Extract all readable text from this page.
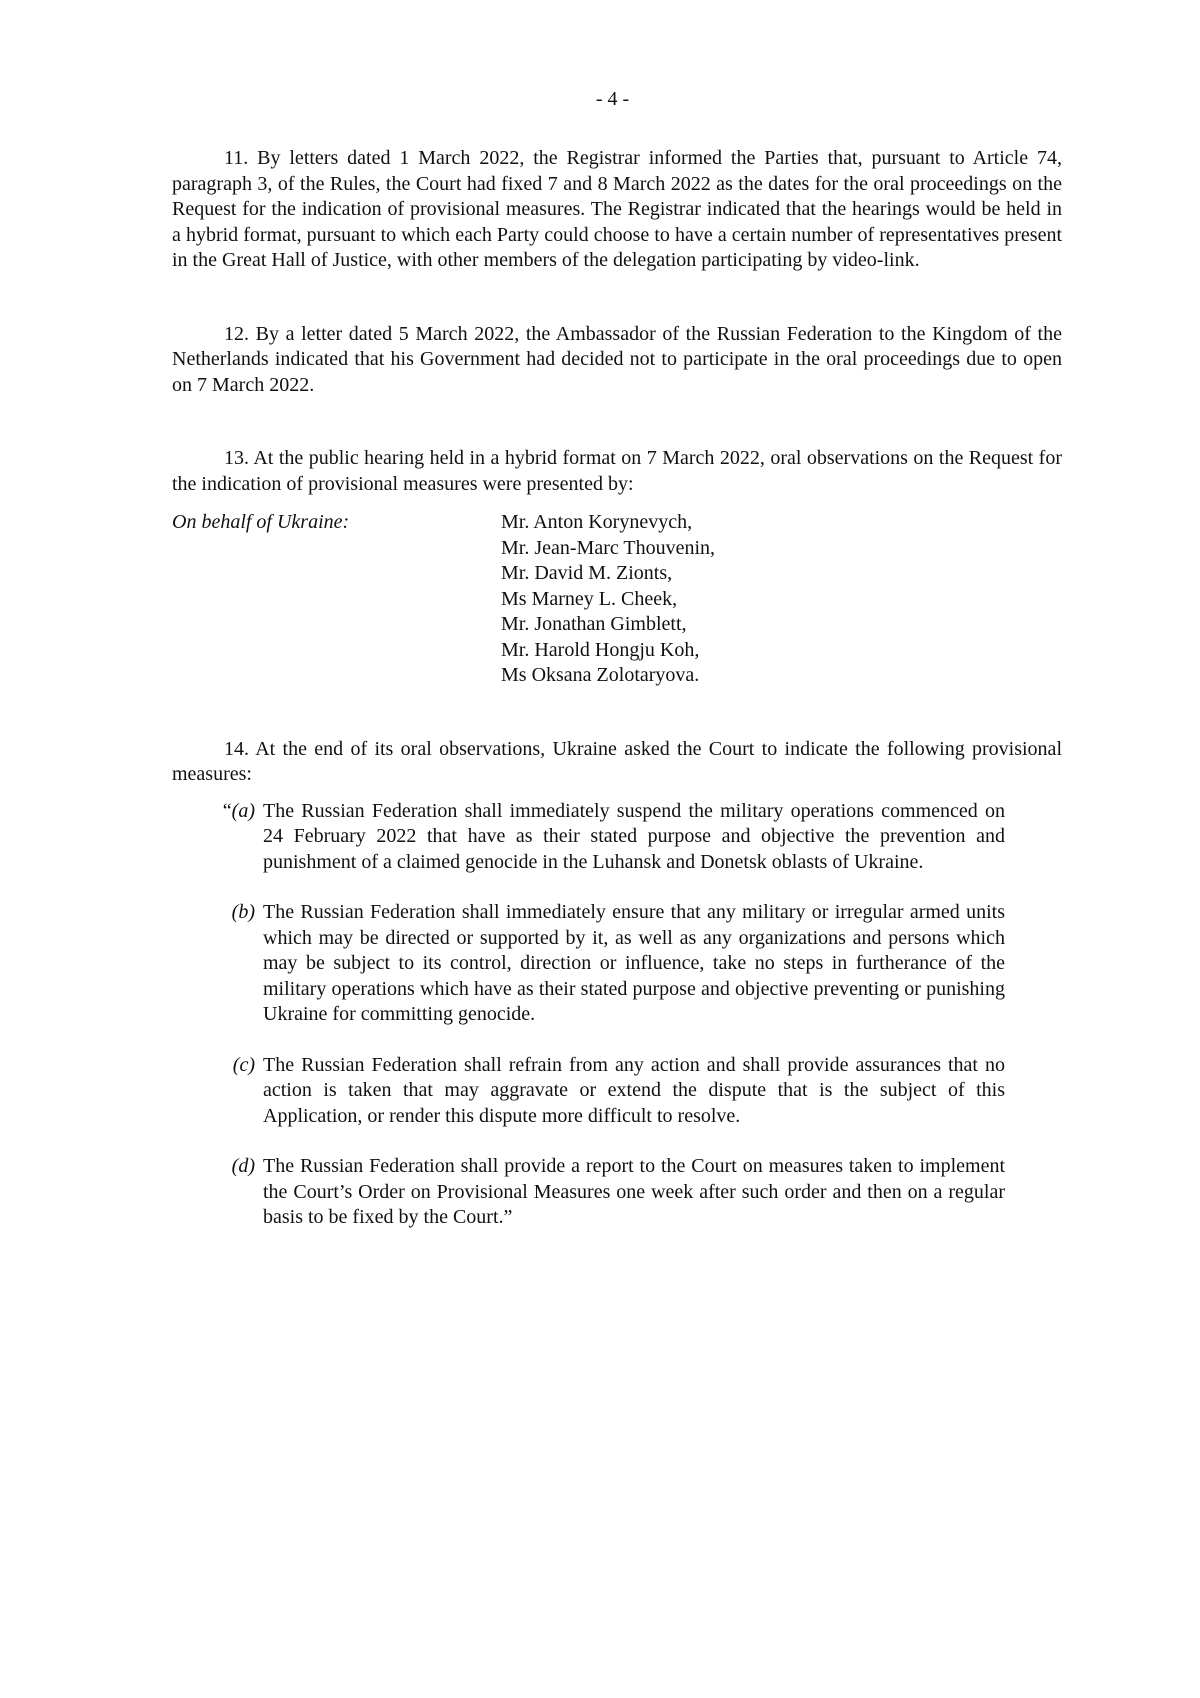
- 4 -

11. By letters dated 1 March 2022, the Registrar informed the Parties that, pursuant to Article 74, paragraph 3, of the Rules, the Court had fixed 7 and 8 March 2022 as the dates for the oral proceedings on the Request for the indication of provisional measures. The Registrar indicated that the hearings would be held in a hybrid format, pursuant to which each Party could choose to have a certain number of representatives present in the Great Hall of Justice, with other members of the delegation participating by video-link.

12. By a letter dated 5 March 2022, the Ambassador of the Russian Federation to the Kingdom of the Netherlands indicated that his Government had decided not to participate in the oral proceedings due to open on 7 March 2022.

13. At the public hearing held in a hybrid format on 7 March 2022, oral observations on the Request for the indication of provisional measures were presented by:

On behalf of Ukraine:	Mr. Anton Korynevych,
Mr. Jean-Marc Thouvenin,
Mr. David M. Zionts,
Ms Marney L. Cheek,
Mr. Jonathan Gimblett,
Mr. Harold Hongju Koh,
Ms Oksana Zolotaryova.

14. At the end of its oral observations, Ukraine asked the Court to indicate the following provisional measures:

“(a) The Russian Federation shall immediately suspend the military operations commenced on 24 February 2022 that have as their stated purpose and objective the prevention and punishment of a claimed genocide in the Luhansk and Donetsk oblasts of Ukraine.
(b) The Russian Federation shall immediately ensure that any military or irregular armed units which may be directed or supported by it, as well as any organizations and persons which may be subject to its control, direction or influence, take no steps in furtherance of the military operations which have as their stated purpose and objective preventing or punishing Ukraine for committing genocide.
(c) The Russian Federation shall refrain from any action and shall provide assurances that no action is taken that may aggravate or extend the dispute that is the subject of this Application, or render this dispute more difficult to resolve.
(d) The Russian Federation shall provide a report to the Court on measures taken to implement the Court’s Order on Provisional Measures one week after such order and then on a regular basis to be fixed by the Court.”
